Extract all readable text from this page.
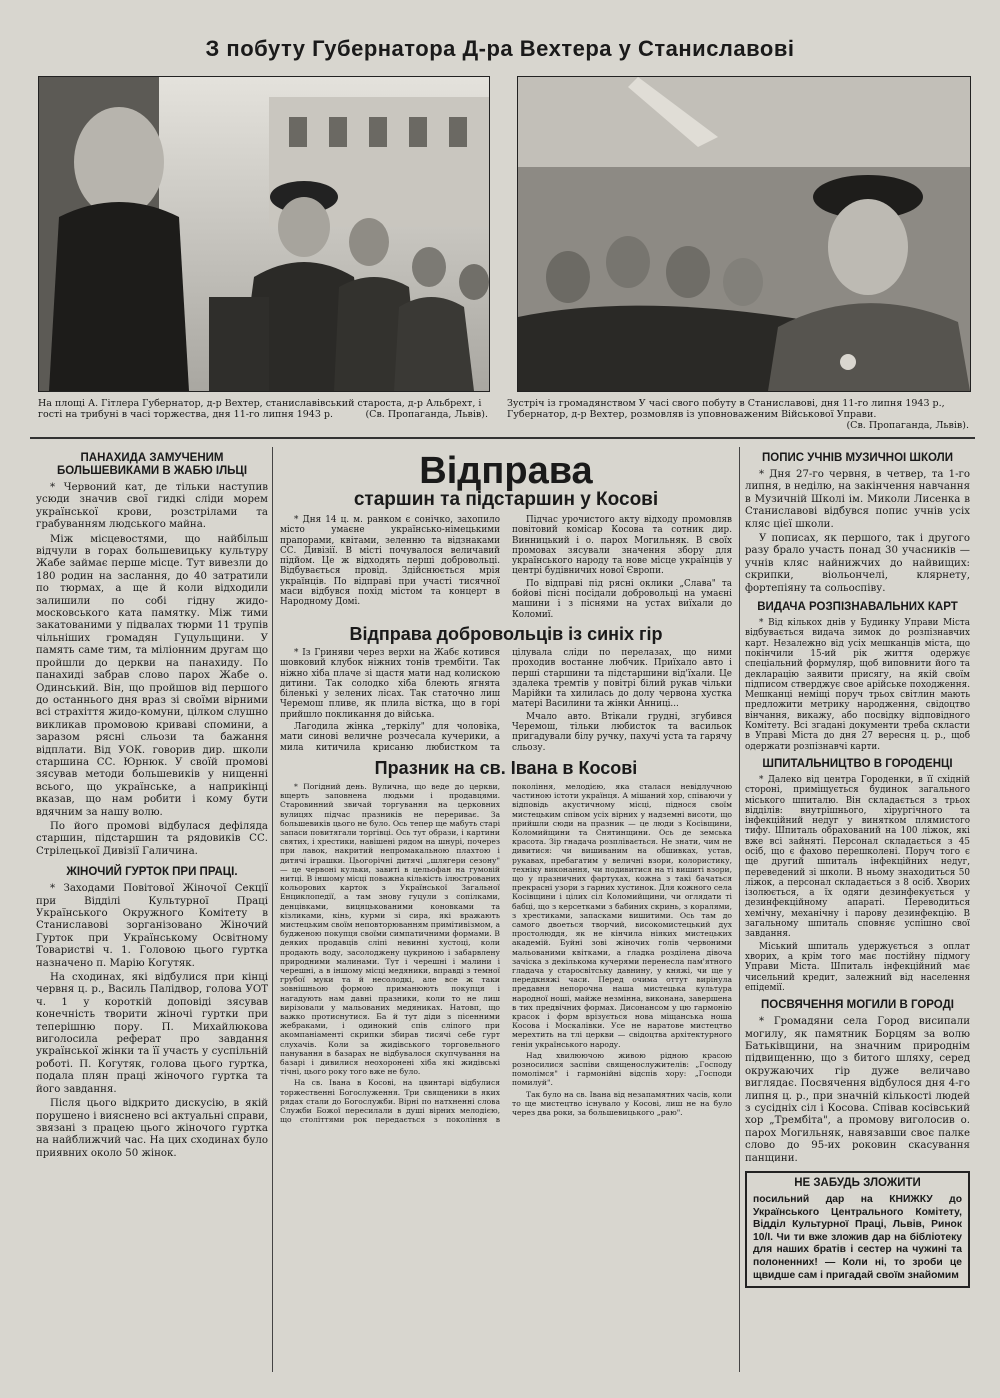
З побуту Губернатора Д-ра Вехтера у Станиславові
На площі А. Гітлера Губернатор, д-р Вехтер, станиславівський староста, д-р Альбрехт, і гості на трибуні в часі торжества, дня 11-го липня 1943 р.	(Св. Пропаганда, Львів).
Зустріч із громадянством У часі свого побуту в Станиславові, дня 11-го липня 1943 р., Губернатор, д-р Вехтер, розмовляв із уповноваженим Військової Управи.
(Св. Пропаганда, Львів).
ПАНАХИДА ЗАМУЧЕНИМ БОЛЬШЕВИКАМИ В ЖАБЮ ІЛЬЦІ

* Червоний кат, де тільки наступив усюди значив свої гидкі сліди морем української крови, розстрілами та грабуванням людського майна.

Між місцевостями, що найбільш відчули в горах большевицьку культуру Жабе займає перше місце. Тут вивезли до 180 родин на заслання, до 40 затратили по тюрмах, а ще й коли відходили залишили по собі гідну жидо-московського ката памятку. Між тими закатованими у підвалах тюрми 11 трупів чільніших громадян Гуцульщини. У память саме тим, та міліонним другам що пройшли до церкви на панахиду. По панахиді забрав слово парох Жабе о. Одинський. Він, що пройшов від першого до останнього дня враз зі своїми вірними всі страхіття жидо-комуни, цілком слушно викликав промовою криваві спомини, а заразом рясні сльози та бажання відплати. Від УОК. говорив дир. школи старшина СС. Юрнюк. У своїй промові зясував методи большевиків у нищенні всього, що українське, а наприкінці вказав, що нам робити і кому бути вдячним за нашу волю.

По його промові відбулася дефіляда старшин, підстаршин та рядовиків СС. Стрілецької Дивізії Галичина.

ЖІНОЧИЙ ГУРТОК ПРИ ПРАЦІ.

* Заходами Повітової Жіночої Секції при Відділі Культурної Праці Українського Окружного Комітету в Станиславові зорганізовано Жіночий Гурток при Українському Освітному Товаристві ч. 1. Головою цього гуртка назначено п. Марію Когутяк.

На сходинах, які відбулися при кінці червня ц. р., Василь Палідвор, голова УОТ ч. 1 у короткій доповіді зясував конечність творити жіночі гуртки при теперішню пору. П. Михайлюкова виголосила реферат про завдання української жінки та її участь у суспільній роботі. П. Когутяк, голова цього гуртка, подала плян праці жіночого гуртка та його завдання.

Після цього відкрито дискусію, в якій порушено і вияснено всі актуальні справи, звязані з працею цього жіночого гуртка на найближчий час. На цих сходинах було приявних около 50 жінок.

Відправа
старшин та підстаршин у Косові

* Дня 14 ц. м. ранком є сонічко, захопило місто умаєне українсько-німецькими прапорами, квітами, зеленню та відзнаками СС. Дивізії. В місті почувалося величавий підйом. Це ж відходять перші добровольці. Відбувається провід. Здійснюється мрія українців. По відправі при участі тисячної маси відбувся похід містом та концерт в Народному Домі.

Підчас урочистого акту відходу промовляв повітовий комісар Косова та сотник дир. Винницький і о. парох Могильняк. В своїх промовах зясували значення збору для українського народу та нове місце українців у центрі будівничих нової Європи.

По відправі під рясні оклики „Слава" та бойові пісні посідали добровольці на умаєні машини і з піснями на устах виїхали до Коломиї.

Відправа добровольців із синіх гір

* Із Гриняви через верхи на Жабє котився шовковий клубок ніжних тонів трембіти. Так ніжно хіба плаче зі щастя мати над колискою дитини. Так солодко хіба блеють ягнята біленькі у зелених лісах. Так статочно лиш Черемош пливе, як плила вістка, що в горі прийшло покликання до війська.

Лагодила жінка „теркілу" для чоловіка, мати синові величне розчесала кучерики, а мила китичила крисаню любистком та цілувала сліди по перелазах, що ними проходив востанне любчик. Приїхало авто і перші старшини та підстаршини від'їхали. Це здалека тремтів у повітрі білий рукав чільки Марійки та хилилась до долу червона хустка матері Василини та жінки Анниці...

Мчало авто. Втікали грудні, згубився Черемош, тільки любисток та васильок пригадували білу ручку, пахучі уста та гарячу сльозу.

Празник на св. Івана в Косові

* Погідний день. Вулична, що веде до церкви, вщерть заповнена людьми і продавцями. Старовинний звичай торгування на церковних вулицях підчас празників не перериває. За большевиків цього не було. Ось тепер ще мабуть старі запаси повитягали торгівці. Ось тут образи, і картини святих, і хрестики, навішені рядом на шнурі, почерез при лавок, накритий непромакальною плахтою і дитячі іграшки. Цьогорічні дитячі „шлягери сезону" — це червоні кульки, завиті в цельофан на гумовій нитці. В іншому місці поважна кількість ілюстрованих кольорових карток з Української Загальної Енциклопедії, а там знову гуцули з сопілками, денцівками, вицяцькованими коновками та кізликами, кінь, курми зі сира, які вражають мистецьким своїм неповторюванням примітивізмом, а будженою покупця своїми симпатичними формами. В деяких продавців сліпі невинні хустоці, коли продають воду, засолоджену цукриною і забарвлену природними малинами. Тут і черешні і малини і черешні, а в іншому місці медяники, вправді з темної грубої муки та й несолодкі, але все ж таки зовнішньою формою приманюють покупця і нагадують нам давні празники, коли то не лиш вирізовали у мальованих медяниках. Натовп, що важко протиснутися. Ба й тут діди з пісенними жебраками, і одинокий спів сліпого при акомпаніаменті скрипки збирав тисячі себе гурт слухачів. Коли за жидівського торговельного панування в базарах не відбувалося скупчування на базарі і дивилися неохоронені хіба які жидівські тічні, цього року того вже не було.

На св. Івана в Косові, на цвинтарі відбулися торжественні Богослуження. Три священики в яких рядах стали до Богослужби. Вірні по натхненні слова Служби Божої пересилали в душі вірних мелодією, що століттями рок передається з покоління в покоління, мелодією, яка сталася невідлучною частиною істоти українця. А мішаний хор, співаючи у відповідь акустичному місці, піднося своїм мистецьким співом усіх вірних у надземні висоти, що прийшли сюди на празник — це люди з Косівщини, Коломийщини та Снятинщини. Ось де земська красота. Зір гнадача розплівається. Не знати, чим не дивитися: чи вишиваним на обшивках, устав, рукавах, пребагатим у величні взори, колористику, техніку виконання, чи подивитися на ті вишиті взори, що у празничних фартухах, кожна з такі бачаться прекрасні узори з гарних хустинок. Для кожного села Косівщини і цілих сіл Коломийщини, чи оглядати ті бабці, що з керсетками з бабиних скринь, з коралями, з хрестиками, запасками вишитими. Ось там до самого двоеться творчий, високомистецький дух простолюддя, як не кінчила ніяких мистецьких академій. Буйні зові жіночих голів червоними мальованими квітками, а гладка розділена дівоча зачіска з декількома кучерями перенесла пам'ятного гладача у старосвітську давнину, у княжі, чи ще у передкняжі часи. Перед очима оттут вирінула предавня непорочна наша мистецька культура народної ноші, майже незмінна, виконана, завершена в тих предвічних формах. Дисонансом у цю гармонію красок і форм врізується нова міщанська ноша Косова і Москалівки. Усе не наратове мистецтво мерехтить на тлі церкви — свідоцтва архітектурного генія українського народу.

Над хвилюючою живою рідною красою розносилися заспіви священослужителів: „Господу помолімся" і гармонійні відспів хору: „Господи помилуй".

Так було на св. Івана від незапамятних часів, коли то ще мистецтво існувало у Косові, лиш не на було через два роки, за большевицького „раю".

ПОПИС УЧНІВ МУЗИЧНОЇ ШКОЛИ

* Дня 27-го червня, в четвер, та 1-го липня, в неділю, на закінчення навчання в Музичній Школі ім. Миколи Лисенка в Станиславові відбувся попис учнів усіх кляс цієї школи.

У пописах, як першого, так і другого разу брало участь понад 30 учасників — учнів кляс найнижчих до найвищих: скрипки, віольончелі, клярнету, фортепіяну та сольоспіву.

ВИДАЧА РОЗПІЗНАВАЛЬНИХ КАРТ

* Від кількох днів у Будинку Управи Міста відбувається видача зимок до розпізнавчих карт. Незалежно від усіх мешканців міста, що покінчили 15-ий рік життя одержує спеціальний формуляр, щоб виповнити його та декларацію заявити присягу, на якій своїм підписом стверджує свое арійське походження. Мешканці неміщі поруч трьох світлин мають предложити метрику народження, свідоцтво вінчання, викажу, або посвідку відповідного Комітету. Всі згадані документи треба скласти в Управі Міста до дня 27 вересня ц. р., щоб одержати розпізнавчі карти.

ШПИТАЛЬНИЦТВО В ГОРОДЕНЦІ

* Далеко від центра Городенки, в її східній стороні, приміщується будинок загального міського шпиталю. Він складається з трьох відділів: внутрішнього, хірургічного та інфекційний недуг у винятком плямистого тифу. Шпиталь обрахований на 100 ліжок, які вже всі зайняті. Персонал складається з 45 осіб, що є фахово перешколені. Поруч того є ще другий шпиталь інфекційних недуг, переведений зі школи. В ньому знаходиться 50 ліжок, а персонал складається з 8 осіб. Хворих ізолюється, а їх одяги дезинфекується у дезинфекційному апараті. Переводиться хемічну, механічну і парову дезинфекцію. В загальному шпиталь сповняє успішно свої завдання.

Міський шпиталь удержується з оплат хворих, а крім того має постійну підмогу Управи Міста. Шпиталь інфекційний має чисельний кредит, залежний від населення епідемії.

ПОСВЯЧЕННЯ МОГИЛИ В ГОРОДІ

* Громадяни села Город висипали могилу, як памятник Борцям за волю Батьківщини, на значним природнім підвищенню, що з битого шляху, серед окружаючих гір дуже величаво виглядає. Посвячення відбулося дня 4-го липня ц. р., при значній кількості людей з сусідніх сіл і Косова. Співав косівський хор „Трембіта", а промову виголосив о. парох Могильняк, навязавши своє палке слово до 95-их роковин скасування панщини.

НЕ ЗАБУДЬ ЗЛОЖИТИ
посильний дар на КНИЖКУ до Українського Центрального Комітету, Відділ Культурної Праці, Львів, Ринок 10/І. Чи ти вже зложив дар на бібліотеку для наших братів і сестер на чужині та полоненних! — Коли ні, то зроби це щвидше сам і пригадай своїм знайомим
